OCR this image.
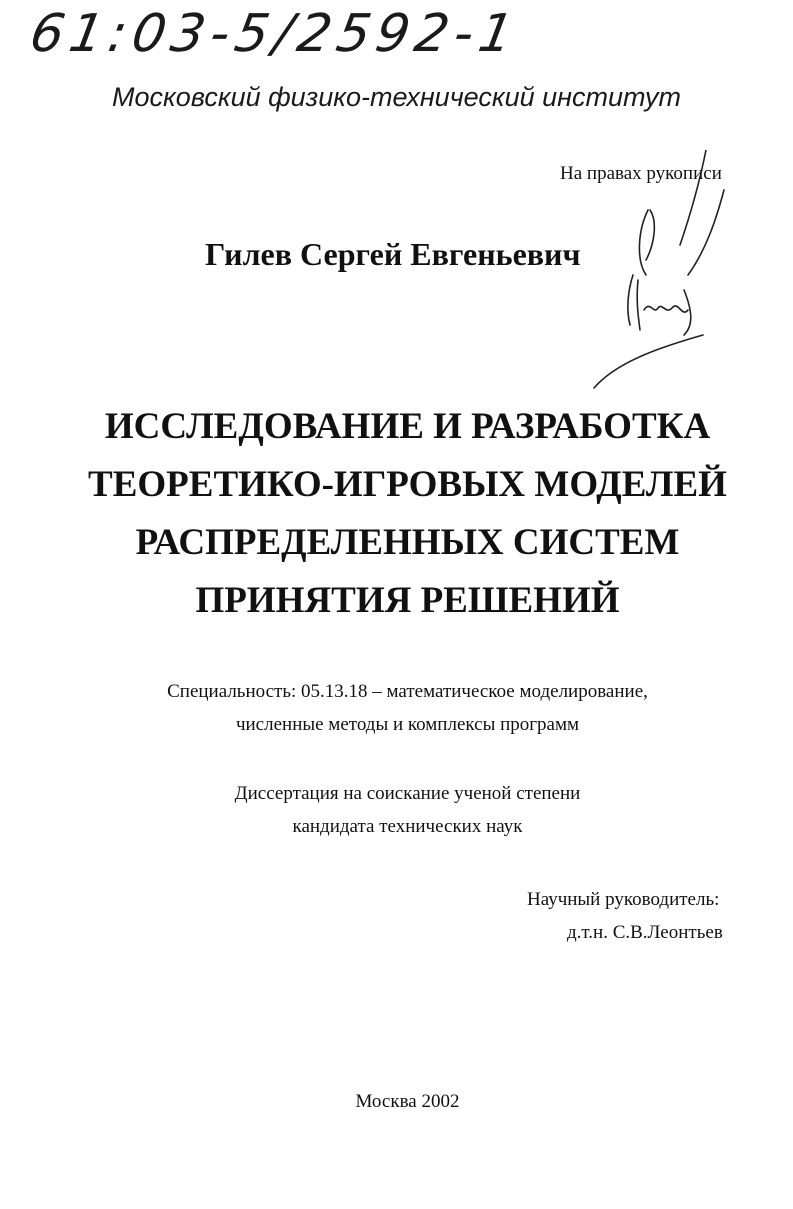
61:03-5/2592-1
Московский физико-технический институт
На правах рукописи
Гилев Сергей Евгеньевич
ИССЛЕДОВАНИЕ И РАЗРАБОТКА
ТЕОРЕТИКО-ИГРОВЫХ МОДЕЛЕЙ
РАСПРЕДЕЛЕННЫХ СИСТЕМ
ПРИНЯТИЯ РЕШЕНИЙ
Специальность: 05.13.18 – математическое моделирование,
численные методы и комплексы программ
Диссертация на соискание ученой степени
кандидата технических наук
Научный руководитель:
д.т.н. С.В.Леонтьев
Москва 2002
